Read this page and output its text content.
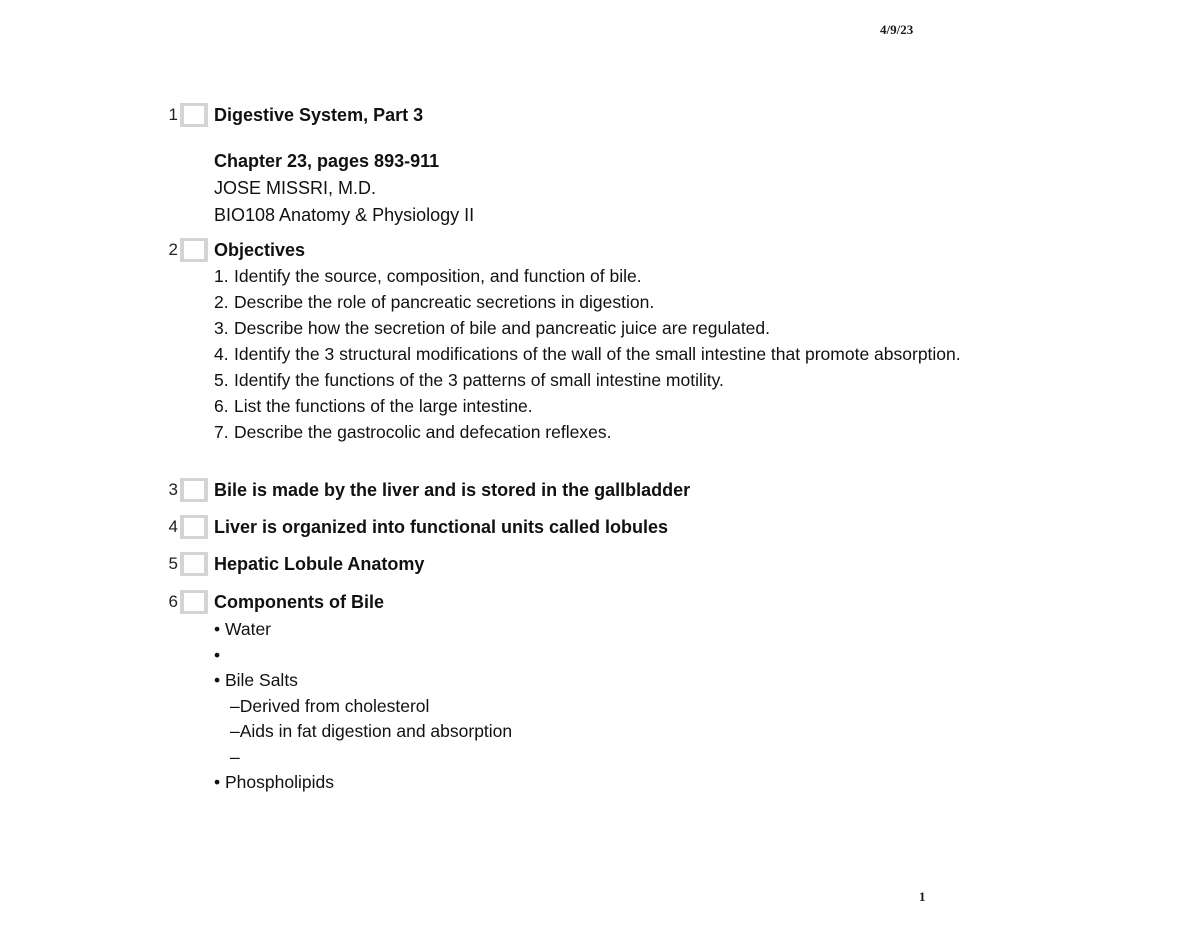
4/9/23
1 Digestive System, Part 3
Chapter 23, pages 893-911
JOSE MISSRI, M.D.
BIO108 Anatomy & Physiology II
2 Objectives
1. Identify the source, composition, and function of bile.
2. Describe the role of pancreatic secretions in digestion.
3. Describe how the secretion of bile and pancreatic juice are regulated.
4. Identify the 3 structural modifications of the wall of the small intestine that promote absorption.
5. Identify the functions of the 3 patterns of small intestine motility.
6. List the functions of the large intestine.
7. Describe the gastrocolic and defecation reflexes.
3 Bile is made by the liver and is stored in the gallbladder
4 Liver is organized into functional units called lobules
5 Hepatic Lobule Anatomy
6 Components of Bile
• Water
•
• Bile Salts
–Derived from cholesterol
–Aids in fat digestion and absorption
–
• Phospholipids
1
